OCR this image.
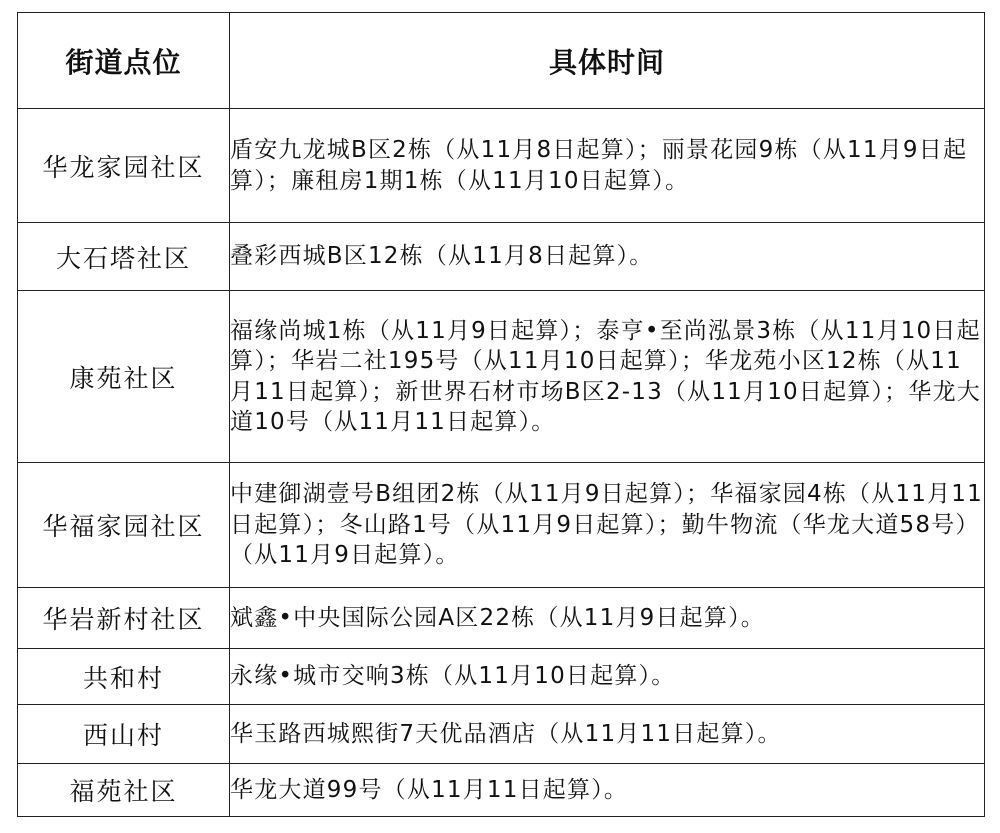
街道点位	具体时间
华龙家园社区	盾安九龙城B区2栋（从11月8日起算）；丽景花园9栋（从11月9日起算）；廉租房1期1栋（从11月10日起算）。
大石塔社区	叠彩西城B区12栋（从11月8日起算）。
康苑社区	福缘尚城1栋（从11月9日起算）；泰亨•至尚泓景3栋（从11月10日起算）；华岩二社195号（从11月10日起算）；华龙苑小区12栋（从11月11日起算）；新世界石材市场B区2-13（从11月10日起算）；华龙大道10号（从11月11日起算）。
华福家园社区	中建御湖壹号B组团2栋（从11月9日起算）；华福家园4栋（从11月11日起算）；冬山路1号（从11月9日起算）；勤牛物流（华龙大道58号）（从11月9日起算）。
华岩新村社区	斌鑫•中央国际公园A区22栋（从11月9日起算）。
共和村	永缘•城市交响3栋（从11月10日起算）。
西山村	华玉路西城熙街7天优品酒店（从11月11日起算）。
福苑社区	华龙大道99号（从11月11日起算）。
